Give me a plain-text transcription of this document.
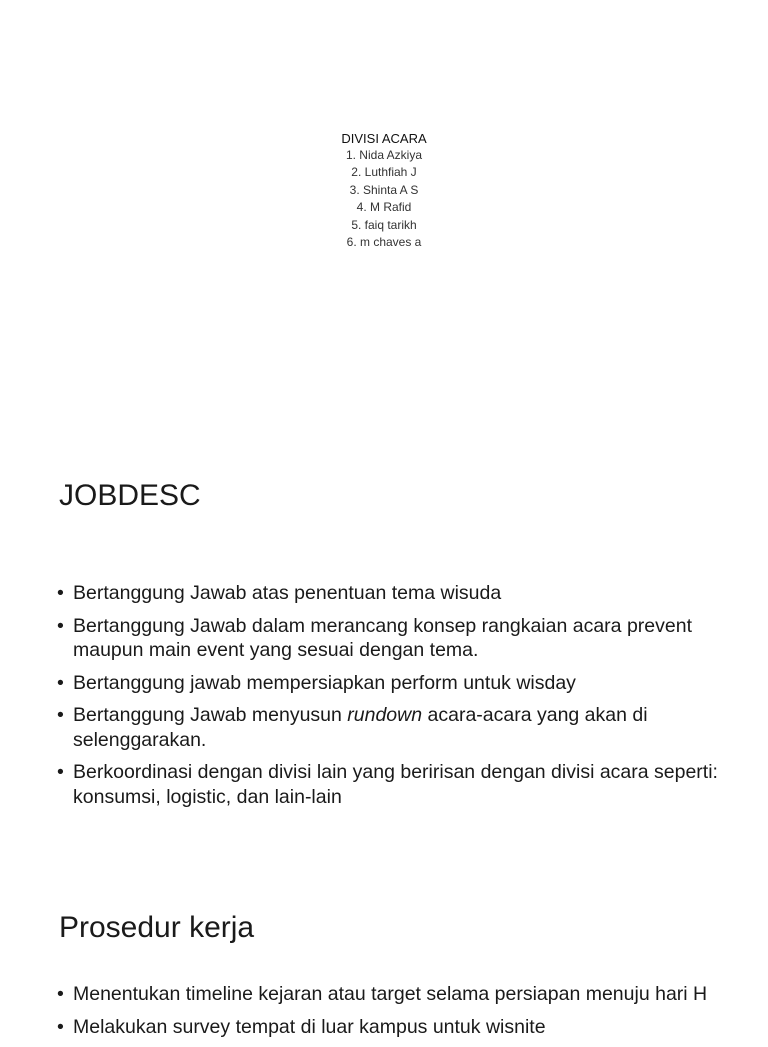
DIVISI ACARA
1. Nida Azkiya
2. Luthfiah J
3. Shinta A S
4. M Rafid
5. faiq tarikh
6. m chaves a
JOBDESC
• Bertanggung Jawab atas penentuan tema wisuda
• Bertanggung Jawab dalam merancang konsep rangkaian acara prevent maupun main event yang sesuai dengan tema.
• Bertanggung jawab mempersiapkan perform untuk wisday
• Bertanggung Jawab menyusun rundown acara-acara yang akan di selenggarakan.
• Berkoordinasi dengan divisi lain yang beririsan dengan divisi acara seperti: konsumsi, logistic, dan lain-lain
Prosedur kerja
• Menentukan timeline kejaran atau target selama persiapan menuju hari H
• Melakukan survey tempat di luar kampus untuk wisnite
